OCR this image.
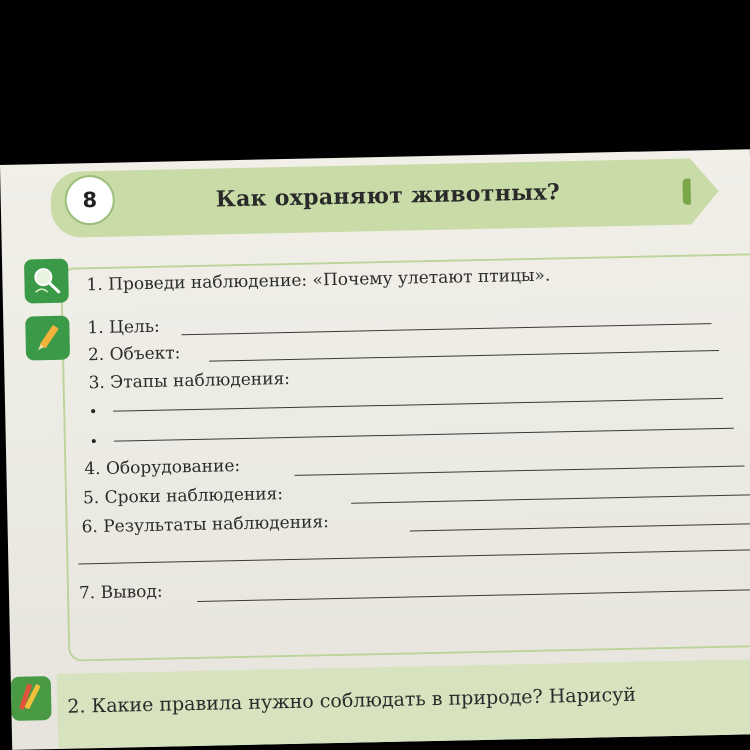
8	Как охраняют животных?
1. Проведи наблюдение: «Почему улетают птицы».
1. Цель:
2. Объект:
3. Этапы наблюдения:
4. Оборудование:
5. Сроки наблюдения:
6. Результаты наблюдения:
7. Вывод:
2. Какие правила нужно соблюдать в природе? Нарисуй
